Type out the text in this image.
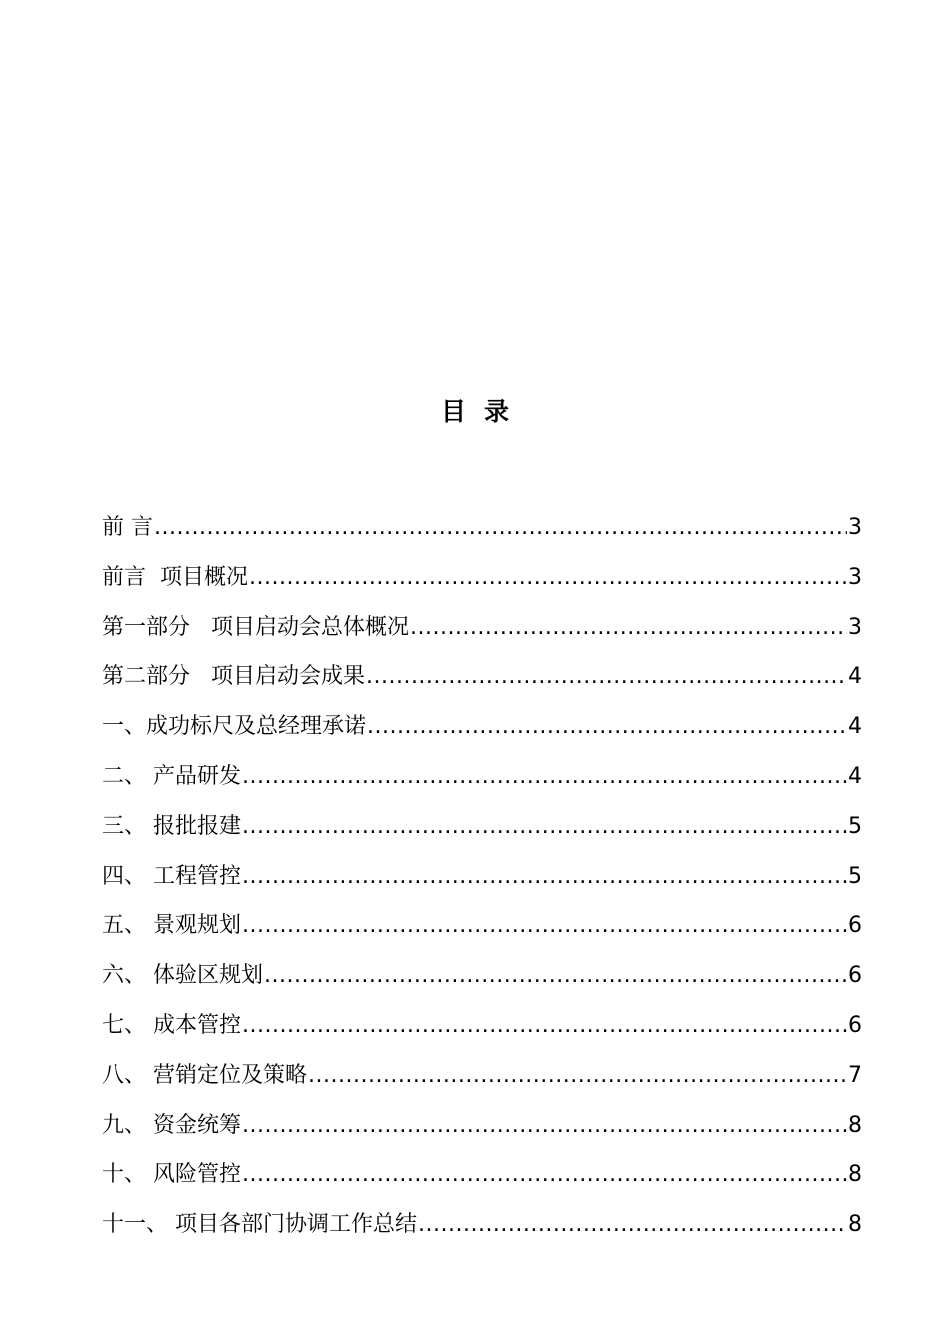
目 录
前 言 .....	3
前言  项目概况 .....	3
第一部分   项目启动会总体概况 .....	3
第二部分   项目启动会成果 .....	4
一、成功标尺及总经理承诺 .....	4
二、 产品研发 .....	4
三、 报批报建 .....	5
四、 工程管控 .....	5
五、 景观规划 .....	6
六、 体验区规划 .....	6
七、 成本管控 .....	6
八、 营销定位及策略 .....	7
九、 资金统筹 .....	8
十、 风险管控 .....	8
十一、 项目各部门协调工作总结 .....	8
